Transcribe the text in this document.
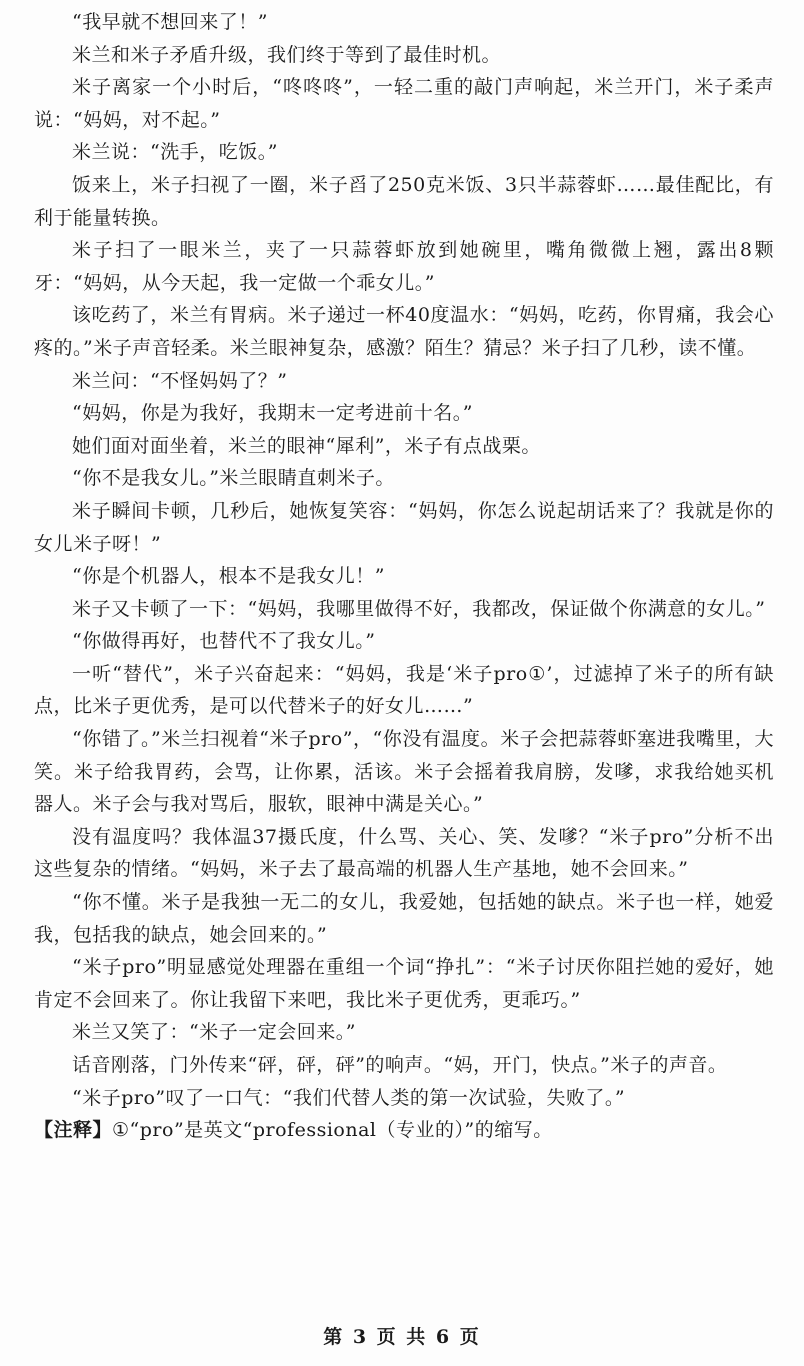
“我早就不想回来了！”

米兰和米子矛盾升级，我们终于等到了最佳时机。

米子离家一个小时后，“咚咚咚”，一轻二重的敲门声响起，米兰开门，米子柔声说：“妈妈，对不起。”

米兰说：“洗手，吃饭。”

饭来上，米子扫视了一圈，米子舀了250克米饭、3只半蒜蓉虾……最佳配比，有利于能量转换。

米子扫了一眼米兰，夹了一只蒜蓉虾放到她碗里，嘴角微微上翘，露出8颗牙：“妈妈，从今天起，我一定做一个乖女儿。”

该吃药了，米兰有胃病。米子递过一杯40度温水：“妈妈，吃药，你胃痛，我会心疼的。”米子声音轻柔。米兰眼神复杂，感激？陌生？猜忌？米子扫了几秒，读不懂。

米兰问：“不怪妈妈了？”

“妈妈，你是为我好，我期末一定考进前十名。”

她们面对面坐着，米兰的眼神“犀利”，米子有点战栗。

“你不是我女儿。”米兰眼睛直刺米子。

米子瞬间卡顿，几秒后，她恢复笑容：“妈妈，你怎么说起胡话来了？我就是你的女儿米子呀！”

“你是个机器人，根本不是我女儿！”

米子又卡顿了一下：“妈妈，我哪里做得不好，我都改，保证做个你满意的女儿。”

“你做得再好，也替代不了我女儿。”

一听“替代”，米子兴奋起来：“妈妈，我是‘米子pro①’，过滤掉了米子的所有缺点，比米子更优秀，是可以代替米子的好女儿……”

“你错了。”米兰扫视着“米子pro”，“你没有温度。米子会把蒜蓉虾塞进我嘴里，大笑。米子给我胃药，会骂，让你累，活该。米子会摇着我肩膀，发嗲，求我给她买机器人。米子会与我对骂后，服软，眼神中满是关心。”

没有温度吗？我体温37摄氏度，什么骂、关心、笑、发嗲？“米子pro”分析不出这些复杂的情绪。“妈妈，米子去了最高端的机器人生产基地，她不会回来。”

“你不懂。米子是我独一无二的女儿，我爱她，包括她的缺点。米子也一样，她爱我，包括我的缺点，她会回来的。”

“米子pro”明显感觉处理器在重组一个词“挣扎”：“米子讨厌你阻拦她的爱好，她肯定不会回来了。你让我留下来吧，我比米子更优秀，更乖巧。”

米兰又笑了：“米子一定会回来。”

话音刚落，门外传来“砰，砰，砰”的响声。“妈，开门，快点。”米子的声音。

“米子pro”叹了一口气：“我们代替人类的第一次试验，失败了。”

【注释】①“pro”是英文“professional（专业的）”的缩写。

第 3 页 共 6 页
